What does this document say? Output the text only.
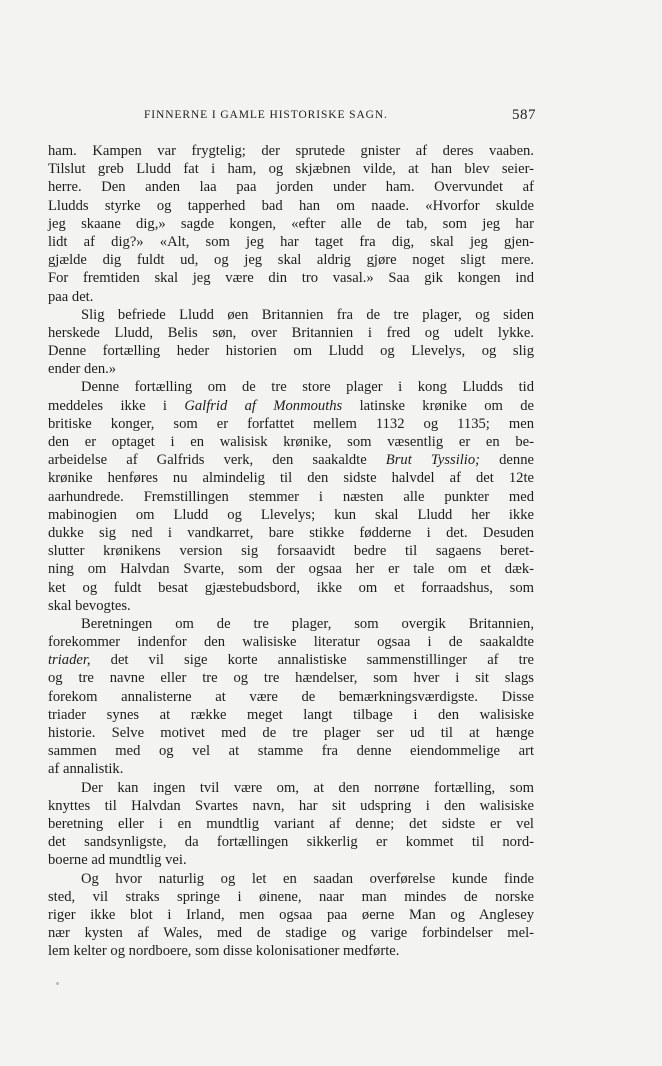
FINNERNE I GAMLE HISTORISKE SAGN.	587
ham. Kampen var frygtelig; der sprutede gnister af deres vaaben.
Tilslut greb Lludd fat i ham, og skjæbnen vilde, at han blev seier-
herre. Den anden laa paa jorden under ham. Overvundet af
Lludds styrke og tapperhed bad han om naade. «Hvorfor skulde
jeg skaane dig,» sagde kongen, «efter alle de tab, som jeg har
lidt af dig?» «Alt, som jeg har taget fra dig, skal jeg gjen-
gjælde dig fuldt ud, og jeg skal aldrig gjøre noget sligt mere.
For fremtiden skal jeg være din tro vasal.» Saa gik kongen ind
paa det.
Slig befriede Lludd øen Britannien fra de tre plager, og siden
herskede Lludd, Belis søn, over Britannien i fred og udelt lykke.
Denne fortælling heder historien om Lludd og Llevelys, og slig
ender den.»
Denne fortælling om de tre store plager i kong Lludds tid
meddeles ikke i Galfrid af Monmouths latinske krønike om de
britiske konger, som er forfattet mellem 1132 og 1135; men
den er optaget i en walisisk krønike, som væsentlig er en be-
arbeidelse af Galfrids verk, den saakaldte Brut Tyssilio; denne
krønike henføres nu almindelig til den sidste halvdel af det 12te
aarhundrede. Fremstillingen stemmer i næsten alle punkter med
mabinogien om Lludd og Llevelys; kun skal Lludd her ikke
dukke sig ned i vandkarret, bare stikke fødderne i det. Desuden
slutter krønikens version sig forsaavidt bedre til sagaens beret-
ning om Halvdan Svarte, som der ogsaa her er tale om et dæk-
ket og fuldt besat gjæstebudsbord, ikke om et forraadshus, som
skal bevogtes.
Beretningen om de tre plager, som overgik Britannien,
forekommer indenfor den walisiske literatur ogsaa i de saakaldte
triader, det vil sige korte annalistiske sammenstillinger af tre
og tre navne eller tre og tre hændelser, som hver i sit slags
forekom annalisterne at være de bemærkningsværdigste. Disse
triader synes at række meget langt tilbage i den walisiske
historie. Selve motivet med de tre plager ser ud til at hænge
sammen med og vel at stamme fra denne eiendommelige art
af annalistik.
Der kan ingen tvil være om, at den norrøne fortælling, som
knyttes til Halvdan Svartes navn, har sit udspring i den walisiske
beretning eller i en mundtlig variant af denne; det sidste er vel
det sandsynligste, da fortællingen sikkerlig er kommet til nord-
boerne ad mundtlig vei.
Og hvor naturlig og let en saadan overførelse kunde finde
sted, vil straks springe i øinene, naar man mindes de norske
riger ikke blot i Irland, men ogsaa paa øerne Man og Anglesey
nær kysten af Wales, med de stadige og varige forbindelser mel-
lem kelter og nordboere, som disse kolonisationer medførte.
